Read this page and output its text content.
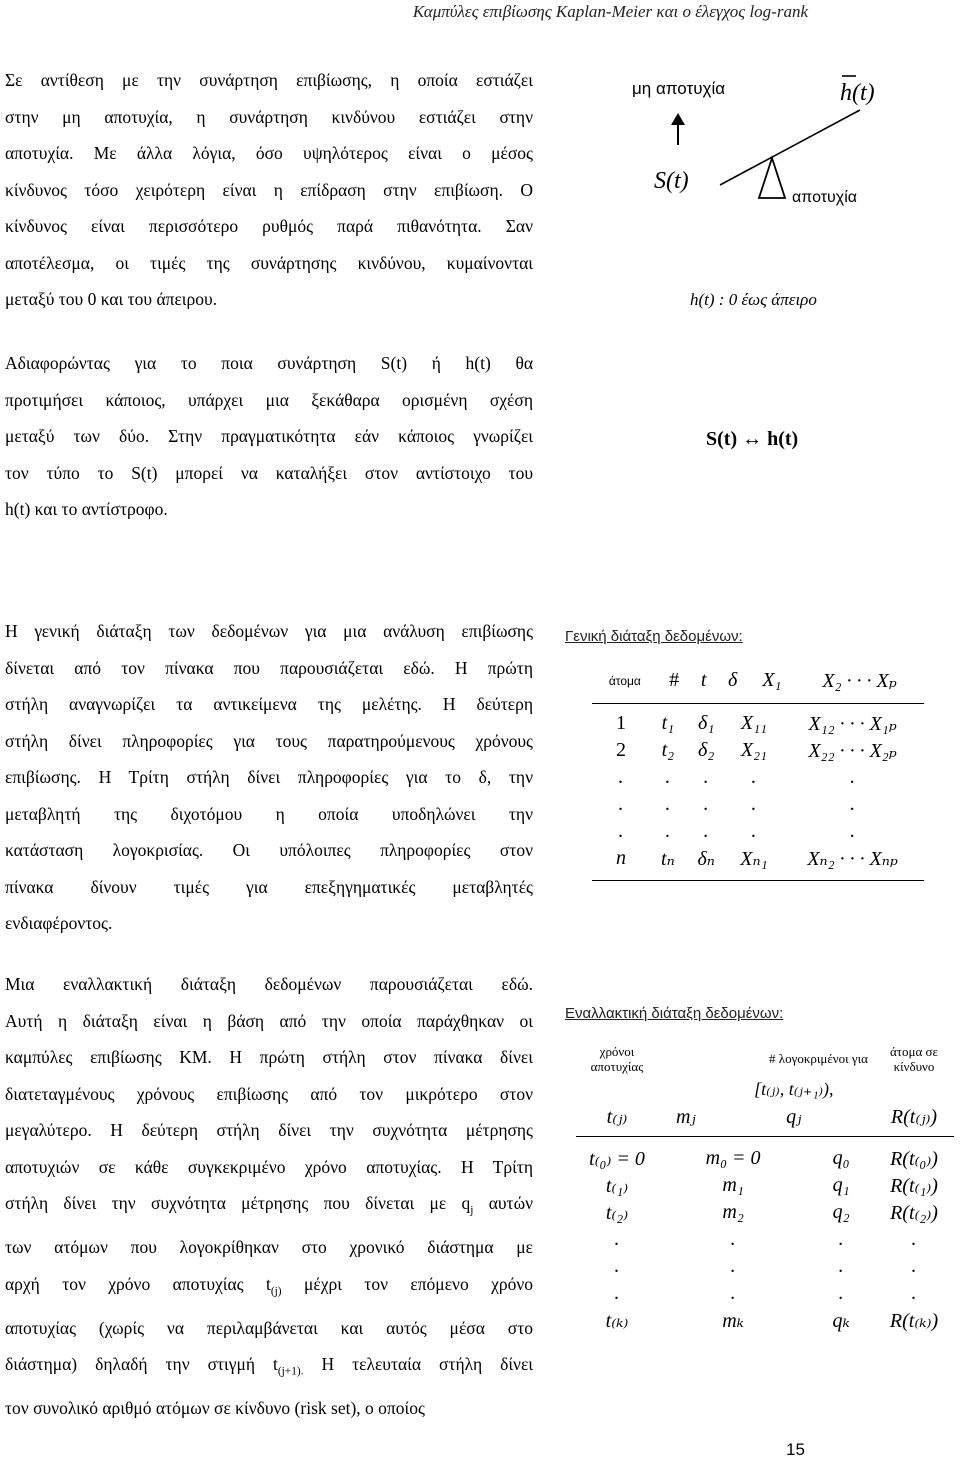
Καμπύλες επιβίωσης Kaplan-Meier και ο έλεγχος log-rank
Σε αντίθεση με την συνάρτηση επιβίωσης, η οποία εστιάζει
στην μη αποτυχία, η συνάρτηση κινδύνου εστιάζει στην
αποτυχία. Με άλλα λόγια, όσο υψηλότερος είναι ο μέσος
κίνδυνος τόσο χειρότερη είναι η επίδραση στην επιβίωση. Ο
κίνδυνος είναι περισσότερο ρυθμός παρά πιθανότητα. Σαν
αποτέλεσμα, οι τιμές της συνάρτησης κινδύνου, κυμαίνονται
μεταξύ του 0 και του άπειρου.
μη αποτυχία	h(t)
S(t)
αποτυχία
h(t) : 0 έως άπειρο
Αδιαφορώντας για το ποια συνάρτηση S(t) ή h(t) θα
προτιμήσει κάποιος, υπάρχει μια ξεκάθαρα ορισμένη σχέση
μεταξύ των δύο. Στην πραγματικότητα εάν κάποιος γνωρίζει
τον τύπο το S(t) μπορεί να καταλήξει στον αντίστοιχο του
h(t) και το αντίστροφο.
S(t) ↔ h(t)
Η γενική διάταξη των δεδομένων για μια ανάλυση επιβίωσης
δίνεται από τον πίνακα που παρουσιάζεται εδώ. Η πρώτη
στήλη αναγνωρίζει τα αντικείμενα της μελέτης. Η δεύτερη
στήλη δίνει πληροφορίες για τους παρατηρούμενους χρόνους
επιβίωσης. Η Τρίτη στήλη δίνει πληροφορίες για το δ, την
μεταβλητή της διχοτόμου η οποία υποδηλώνει την
κατάσταση λογοκρισίας. Οι υπόλοιπες πληροφορίες στον
πίνακα δίνουν τιμές για επεξηγηματικές μεταβλητές
ενδιαφέροντος.
Γενική διάταξη δεδομένων:
άτομα	#	t	δ	X₁	X₂ · · · Xₚ
1	t₁	δ₁	X₁₁	X₁₂ · · · X₁ₚ
2	t₂	δ₂	X₂₁	X₂₂ · · · X₂ₚ
.	.	.	.	.
.	.	.	.	.
.	.	.	.	.
n	tₙ	δₙ	Xₙ₁	Xₙ₂ · · · Xₙₚ
Μια εναλλακτική διάταξη δεδομένων παρουσιάζεται εδώ.
Αυτή η διάταξη είναι η βάση από την οποία παράχθηκαν οι
καμπύλες επιβίωσης ΚΜ. Η πρώτη στήλη στον πίνακα δίνει
διατεταγμένους χρόνους επιβίωσης από τον μικρότερο στον
μεγαλύτερο. Η δεύτερη στήλη δίνει την συχνότητα μέτρησης
αποτυχιών σε κάθε συγκεκριμένο χρόνο αποτυχίας. Η Τρίτη
στήλη δίνει την συχνότητα μέτρησης που δίνεται με $q_j$ αυτών
των ατόμων που λογοκρίθηκαν στο χρονικό διάστημα με
αρχή τον χρόνο αποτυχίας $t_{(j)}$ μέχρι τον επόμενο χρόνο
αποτυχίας (χωρίς να περιλαμβάνεται και αυτός μέσα στο
διάστημα) δηλαδή την στιγμή $t_{(j+1).}$ Η τελευταία στήλη δίνει
τον συνολικό αριθμό ατόμων σε κίνδυνο (risk set), ο οποίος
Εναλλακτική διάταξη δεδομένων:
χρόνοι αποτυχίας	# λογοκριμένοι για		άτομα σε κίνδυνο
		[t₍ⱼ₎, t₍ⱼ₊₁₎),	
t₍ⱼ₎	mⱼ	qⱼ	R(t₍ⱼ₎)
t₍₀₎ = 0	m₀ = 0	q₀	R(t₍₀₎)
t₍₁₎	m₁	q₁	R(t₍₁₎)
t₍₂₎	m₂	q₂	R(t₍₂₎)
.	.	.	.
.	.	.	.
.	.	.	.
t₍ₖ₎	mₖ	qₖ	R(t₍ₖ₎)
15
